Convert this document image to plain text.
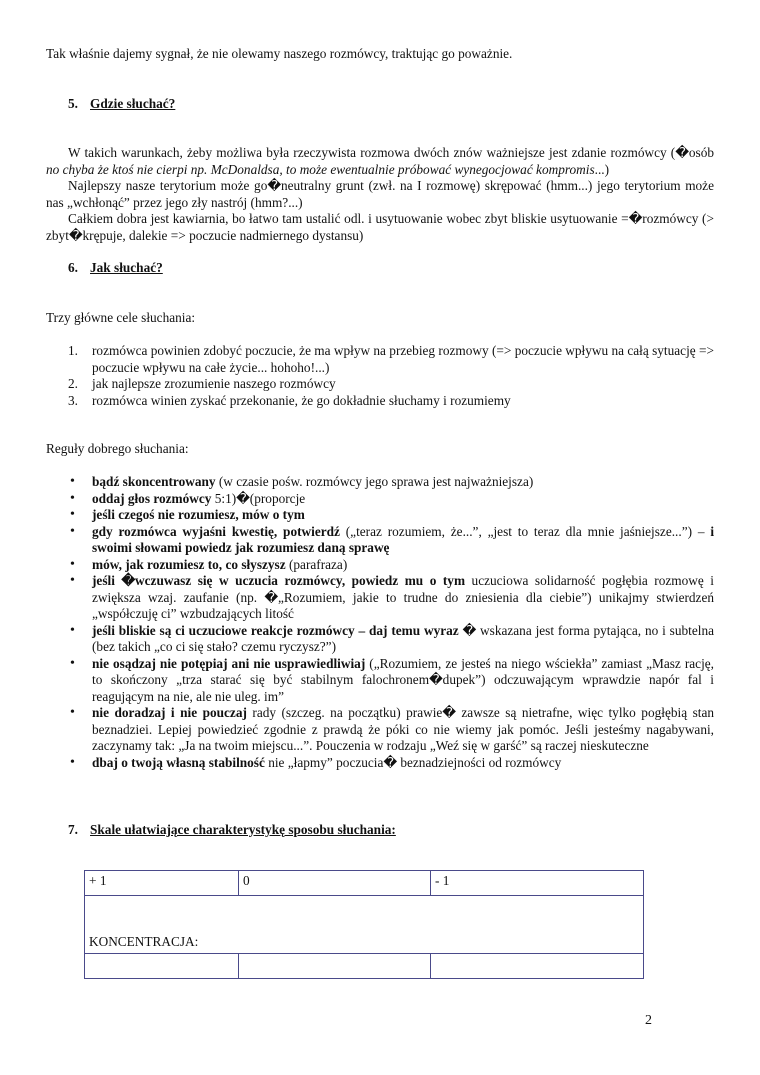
Tak właśnie dajemy sygnał, że nie olewamy naszego rozmówcy, traktując go poważnie.
5. Gdzie słuchać?
W takich warunkach, żeby możliwa była rzeczywista rozmowa dwóch znów ważniejsze jest zdanie rozmówcy (�osób no chyba że ktoś nie cierpi np. McDonaldsa, to może ewentualnie próbować wynegocjować kompromis...)
Najlepszy nasze terytorium może go�neutralny grunt (zwł. na I rozmowę) skrępować (hmm...) jego terytorium może nas „wchłonąć” przez jego zły nastrój (hmm?...)
Całkiem dobra jest kawiarnia, bo łatwo tam ustalić odl. i usytuowanie wobec zbyt bliskie usytuowanie =�rozmówcy (> zbyt�krępuje, dalekie => poczucie nadmiernego dystansu)
6. Jak słuchać?
Trzy główne cele słuchania:
1. rozmówca powinien zdobyć poczucie, że ma wpływ na przebieg rozmowy (=> poczucie wpływu na całą sytuację => poczucie wpływu na całe życie... hohoho!...)
2. jak najlepsze zrozumienie naszego rozmówcy
3. rozmówca winien zyskać przekonanie, że go dokładnie słuchamy i rozumiemy
Reguły dobrego słuchania:
• bądź skoncentrowany (w czasie pośw. rozmówcy jego sprawa jest najważniejsza)
• oddaj głos rozmówcy 5:1)�(proporcje
• jeśli czegoś nie rozumiesz, mów o tym
• gdy rozmówca wyjaśni kwestię, potwierdź („teraz rozumiem, że...”, „jest to teraz dla mnie jaśniejsze...”) – i swoimi słowami powiedz jak rozumiesz daną sprawę
• mów, jak rozumiesz to, co słyszysz (parafraza)
• jeśli �wczuwasz się w uczucia rozmówcy, powiedz mu o tym uczuciowa solidarność pogłębia rozmowę i zwiększa wzaj. zaufanie (np. �„Rozumiem, jakie to trudne do zniesienia dla ciebie”) unikajmy stwierdzeń „współczuję ci” wzbudzających litość
• jeśli bliskie są ci uczuciowe reakcje rozmówcy – daj temu wyraz � wskazana jest forma pytająca, no i subtelna (bez takich „co ci się stało? czemu ryczysz?”)
• nie osądzaj nie potępiaj ani nie usprawiedliwiaj („Rozumiem, ze jesteś na niego wściekła” zamiast „Masz rację, to skończony „trza starać się być stabilnym falochronem�dupek”) odczuwającym wprawdzie napór fal i reagującym na nie, ale nie uleg. im”
• nie doradzaj i nie pouczaj rady (szczeg. na początku) prawie� zawsze są nietrafne, więc tylko pogłębią stan beznadziei. Lepiej powiedzieć zgodnie z prawdą że póki co nie wiemy jak pomóc. Jeśli jesteśmy nagabywani, zaczynamy tak: „Ja na twoim miejscu...”. Pouczenia w rodzaju „Weź się w garść” są raczej nieskuteczne
• dbaj o twoją własną stabilność nie „łapmy” poczucia� beznadziejności od rozmówcy
7. Skale ułatwiające charakterystykę sposobu słuchania:
+ 1	0	- 1
KONCENTRACJA:		

2
